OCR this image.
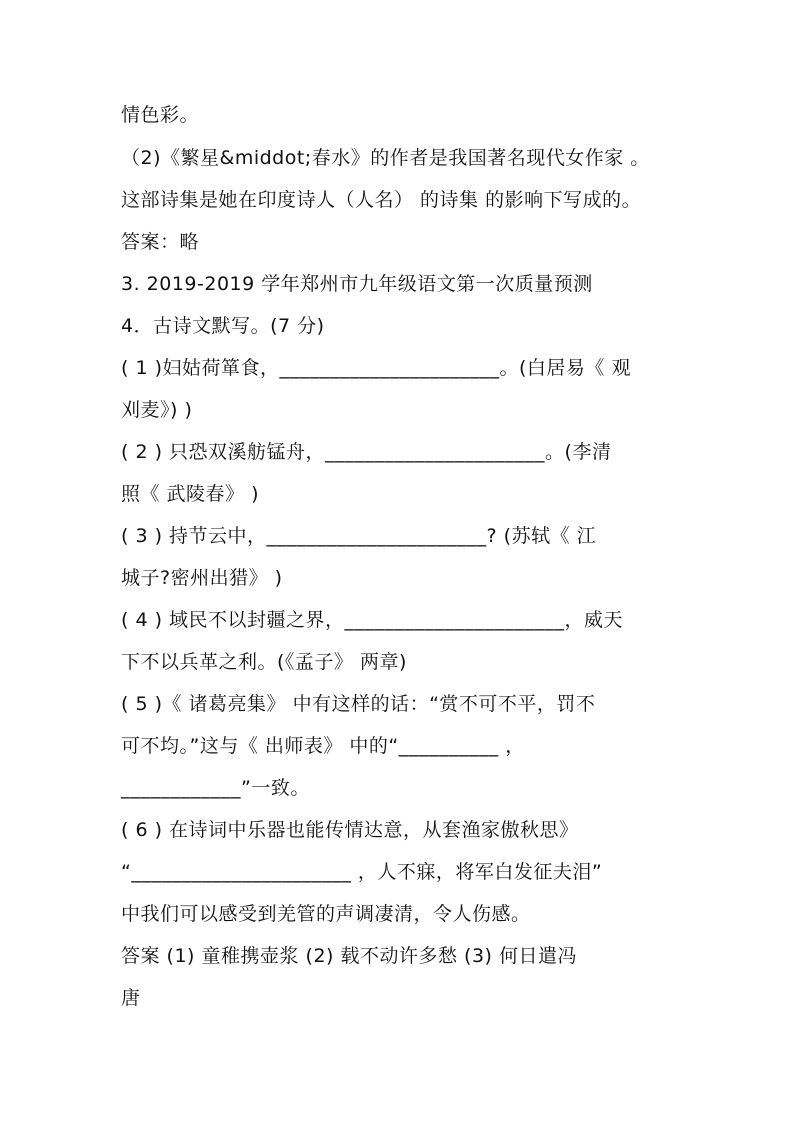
情色彩。
（2)《繁星&middot;春水》的作者是我国著名现代女作家 。
这部诗集是她在印度诗人（人名） 的诗集 的影响下写成的。
答案：略
3. 2019-2019 学年郑州市九年级语文第一次质量预测
4．古诗文默写。(7 分)
( 1 )妇姑荷箪食，______________________。(白居易《 观
刈麦》) )
( 2 ) 只恐双溪舫锰舟，______________________。(李清
照《 武陵春》 )
( 3 ) 持节云中，______________________? (苏轼《 江
城子?密州出猎》 )
( 4 ) 域民不以封疆之界，______________________，威天
下不以兵革之利。(《孟子》 两章)
( 5 )《 诸葛亮集》 中有这样的话：“赏不可不平，罚不
可不均。”这与《 出师表》 中的“__________ ，
____________”一致。
( 6 ) 在诗词中乐器也能传情达意，从套渔家傲秋思》
“______________________ ，人不寐，将军白发征夫泪”
中我们可以感受到羌管的声调凄清，令人伤感。
答案 (1) 童稚携壶浆 (2) 载不动许多愁 (3) 何日遣冯
唐
